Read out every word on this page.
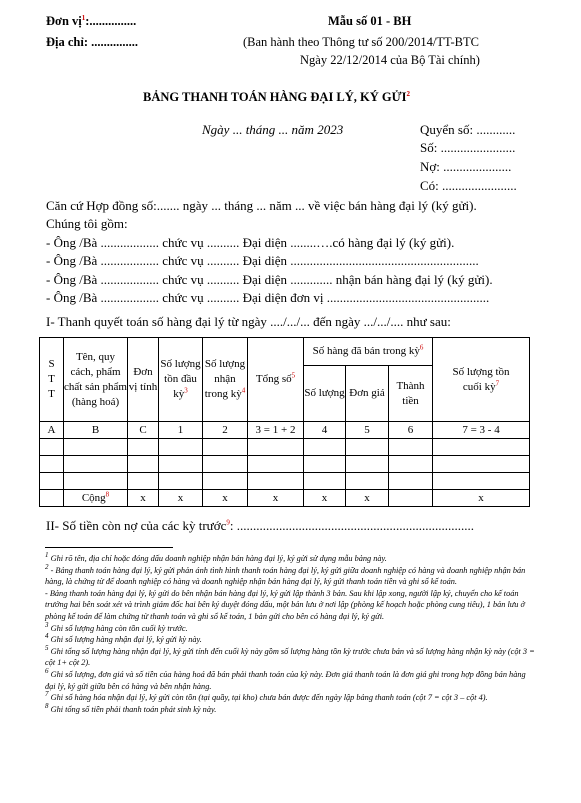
Đơn vị$^1$:...............
Địa chỉ: ...............
Mẫu số 01 - BH
(Ban hành theo Thông tư số 200/2014/TT-BTC
Ngày 22/12/2014 của Bộ Tài chính)
BẢNG THANH TOÁN HÀNG ĐẠI LÝ, KÝ GỬI$^2$
Ngày ... tháng ... năm 2023	Quyển số: ............
Số: .......................
Nợ: .....................
Có: .......................
Căn cứ Hợp đồng số:....... ngày ... tháng ... năm ... về việc bán hàng đại lý (ký gửi).
Chúng tôi gồm:
- Ông /Bà .................. chức vụ .......... Đại diện ........….có hàng đại lý (ký gửi).
- Ông /Bà .................. chức vụ .......... Đại diện ..........................................................
- Ông /Bà .................. chức vụ .......... Đại diện ............. nhận bán hàng đại lý (ký gửi).
- Ông /Bà .................. chức vụ .......... Đại diện đơn vị ..................................................
I- Thanh quyết toán số hàng đại lý từ ngày ..../.../... đến ngày .../.../.... như sau:
S T T	Tên, quy cách, phẩm chất sản phẩm (hàng hoá)	Đơn vị tính	Số lượng tồn đầu kỳ$^3$	Số lượng nhận trong kỳ$^4$	Tổng số$^5$	Số hàng đã bán trong kỳ$^6$			Số lượng tồn cuối kỳ$^7$
						Số lượng	Đơn giá	Thành tiền	
A	B	C	1	2	3 = 1 + 2	4	5	6	7 = 3 - 4

	Cộng$^8$	x	x	x	x	x	x		x
II- Số tiền còn nợ của các kỳ trước$^9$: .........................................................................

$^1$ Ghi rõ tên, địa chỉ hoặc đóng dấu doanh nghiệp nhận bán hàng đại lý, ký gửi sử dụng mẫu bảng này.

$^2$ - Bảng thanh toán hàng đại lý, ký gửi phản ánh tình hình thanh toán hàng đại lý, ký gửi giữa doanh nghiệp có hàng và doanh nghiệp nhận bán hàng, là chứng từ để doanh nghiệp có hàng và doanh nghiệp nhận bán hàng đại lý, ký gửi thanh toán tiền và ghi sổ kế toán.

- Bảng thanh toán hàng đại lý, ký gửi do bên nhận bán hàng đại lý, ký gửi lập thành 3 bản. Sau khi lập xong, người lập ký, chuyển cho kế toán trưởng hai bên soát xét và trình giám đốc hai bên ký duyệt đóng dấu, một bản lưu ở nơi lập (phòng kế hoạch hoặc phòng cung tiêu), 1 bản lưu ở phòng kế toán để làm chứng từ thanh toán và ghi sổ kế toán, 1 bản gửi cho bên có hàng đại lý, ký gửi.

$^3$ Ghi số lượng hàng còn tồn cuối kỳ trước.

$^4$ Ghi số lượng hàng nhận đại lý, ký gửi kỳ này.

$^5$ Ghi tổng số lượng hàng nhận đại lý, ký gửi tính đến cuối kỳ này gồm số lượng hàng tồn kỳ trước chưa bán và số lượng hàng nhận kỳ này (cột 3 = cột 1+ cột 2).

$^6$ Ghi số lượng, đơn giá và số tiền của hàng hoá đã bán phải thanh toán của kỳ này. Đơn giá thanh toán là đơn giá ghi trong hợp đồng bán hàng đại lý, ký gửi giữa bên có hàng và bên nhận hàng.

$^7$ Ghi số hàng hóa nhận đại lý, ký gửi còn tồn (tại quầy, tại kho) chưa bán được đến ngày lập bảng thanh toán (cột 7 = cột 3 – cột 4).

$^8$ Ghi tổng số tiền phải thanh toán phát sinh kỳ này.
